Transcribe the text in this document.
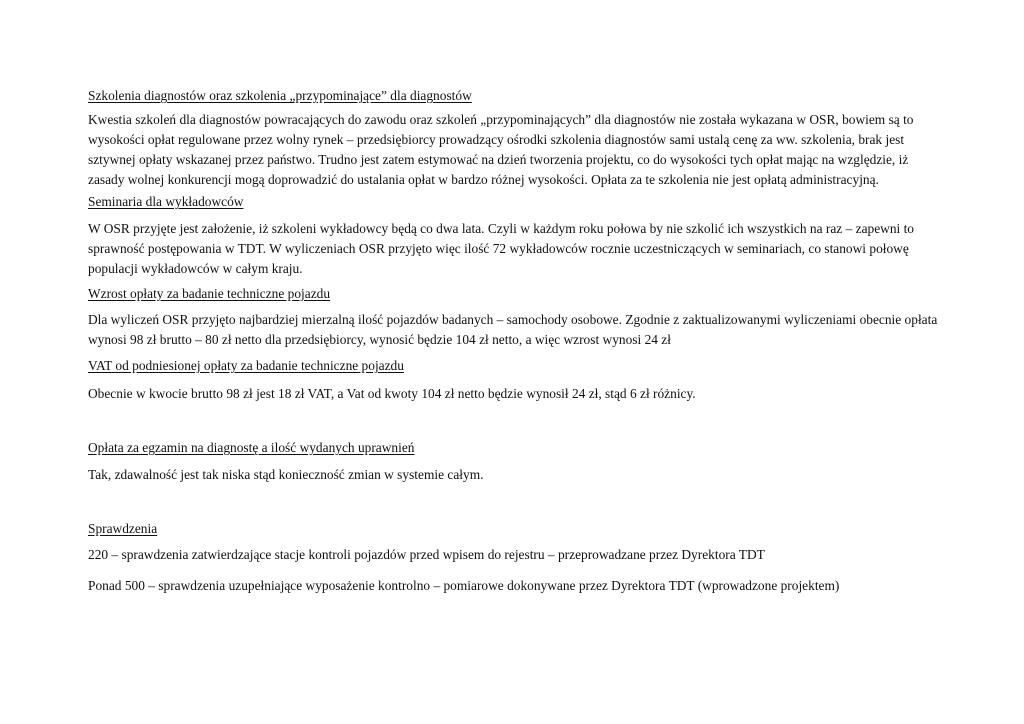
Szkolenia diagnostów oraz szkolenia „przypominające” dla diagnostów

Kwestia szkoleń dla diagnostów powracających do zawodu oraz szkoleń „przypominających” dla diagnostów nie została wykazana w OSR, bowiem są to
wysokości opłat regulowane przez wolny rynek – przedsiębiorcy prowadzący ośrodki szkolenia diagnostów sami ustalą cenę za ww. szkolenia, brak jest
sztywnej opłaty wskazanej przez państwo. Trudno jest zatem estymować na dzień tworzenia projektu, co do wysokości tych opłat mając na względzie, iż
zasady wolnej konkurencji mogą doprowadzić do ustalania opłat w bardzo różnej wysokości. Opłata za te szkolenia nie jest opłatą administracyjną.

Seminaria dla wykładowców

W OSR przyjęte jest założenie, iż szkoleni wykładowcy będą co dwa lata. Czyli w każdym roku połowa by nie szkolić ich wszystkich na raz – zapewni to
sprawność postępowania w TDT. W wyliczeniach OSR przyjęto więc ilość 72 wykładowców rocznie uczestniczących w seminariach, co stanowi połowę
populacji wykładowców w całym kraju.

Wzrost opłaty za badanie techniczne pojazdu

Dla wyliczeń OSR przyjęto najbardziej mierzalną ilość pojazdów badanych – samochody osobowe. Zgodnie z zaktualizowanymi wyliczeniami obecnie opłata
wynosi 98 zł brutto – 80 zł netto dla przedsiębiorcy, wynosić będzie 104 zł netto, a więc wzrost wynosi 24 zł

VAT od podniesionej opłaty za badanie techniczne pojazdu

Obecnie w kwocie brutto 98 zł jest 18 zł VAT, a Vat od kwoty 104 zł netto będzie wynosił 24 zł, stąd 6 zł różnicy.

Opłata za egzamin na diagnostę a ilość wydanych uprawnień

Tak, zdawalność jest tak niska stąd konieczność zmian w systemie całym.

Sprawdzenia

220 – sprawdzenia zatwierdzające stacje kontroli pojazdów przed wpisem do rejestru – przeprowadzane przez Dyrektora TDT

Ponad 500 – sprawdzenia uzupełniające wyposażenie kontrolno – pomiarowe dokonywane przez Dyrektora TDT (wprowadzone projektem)
